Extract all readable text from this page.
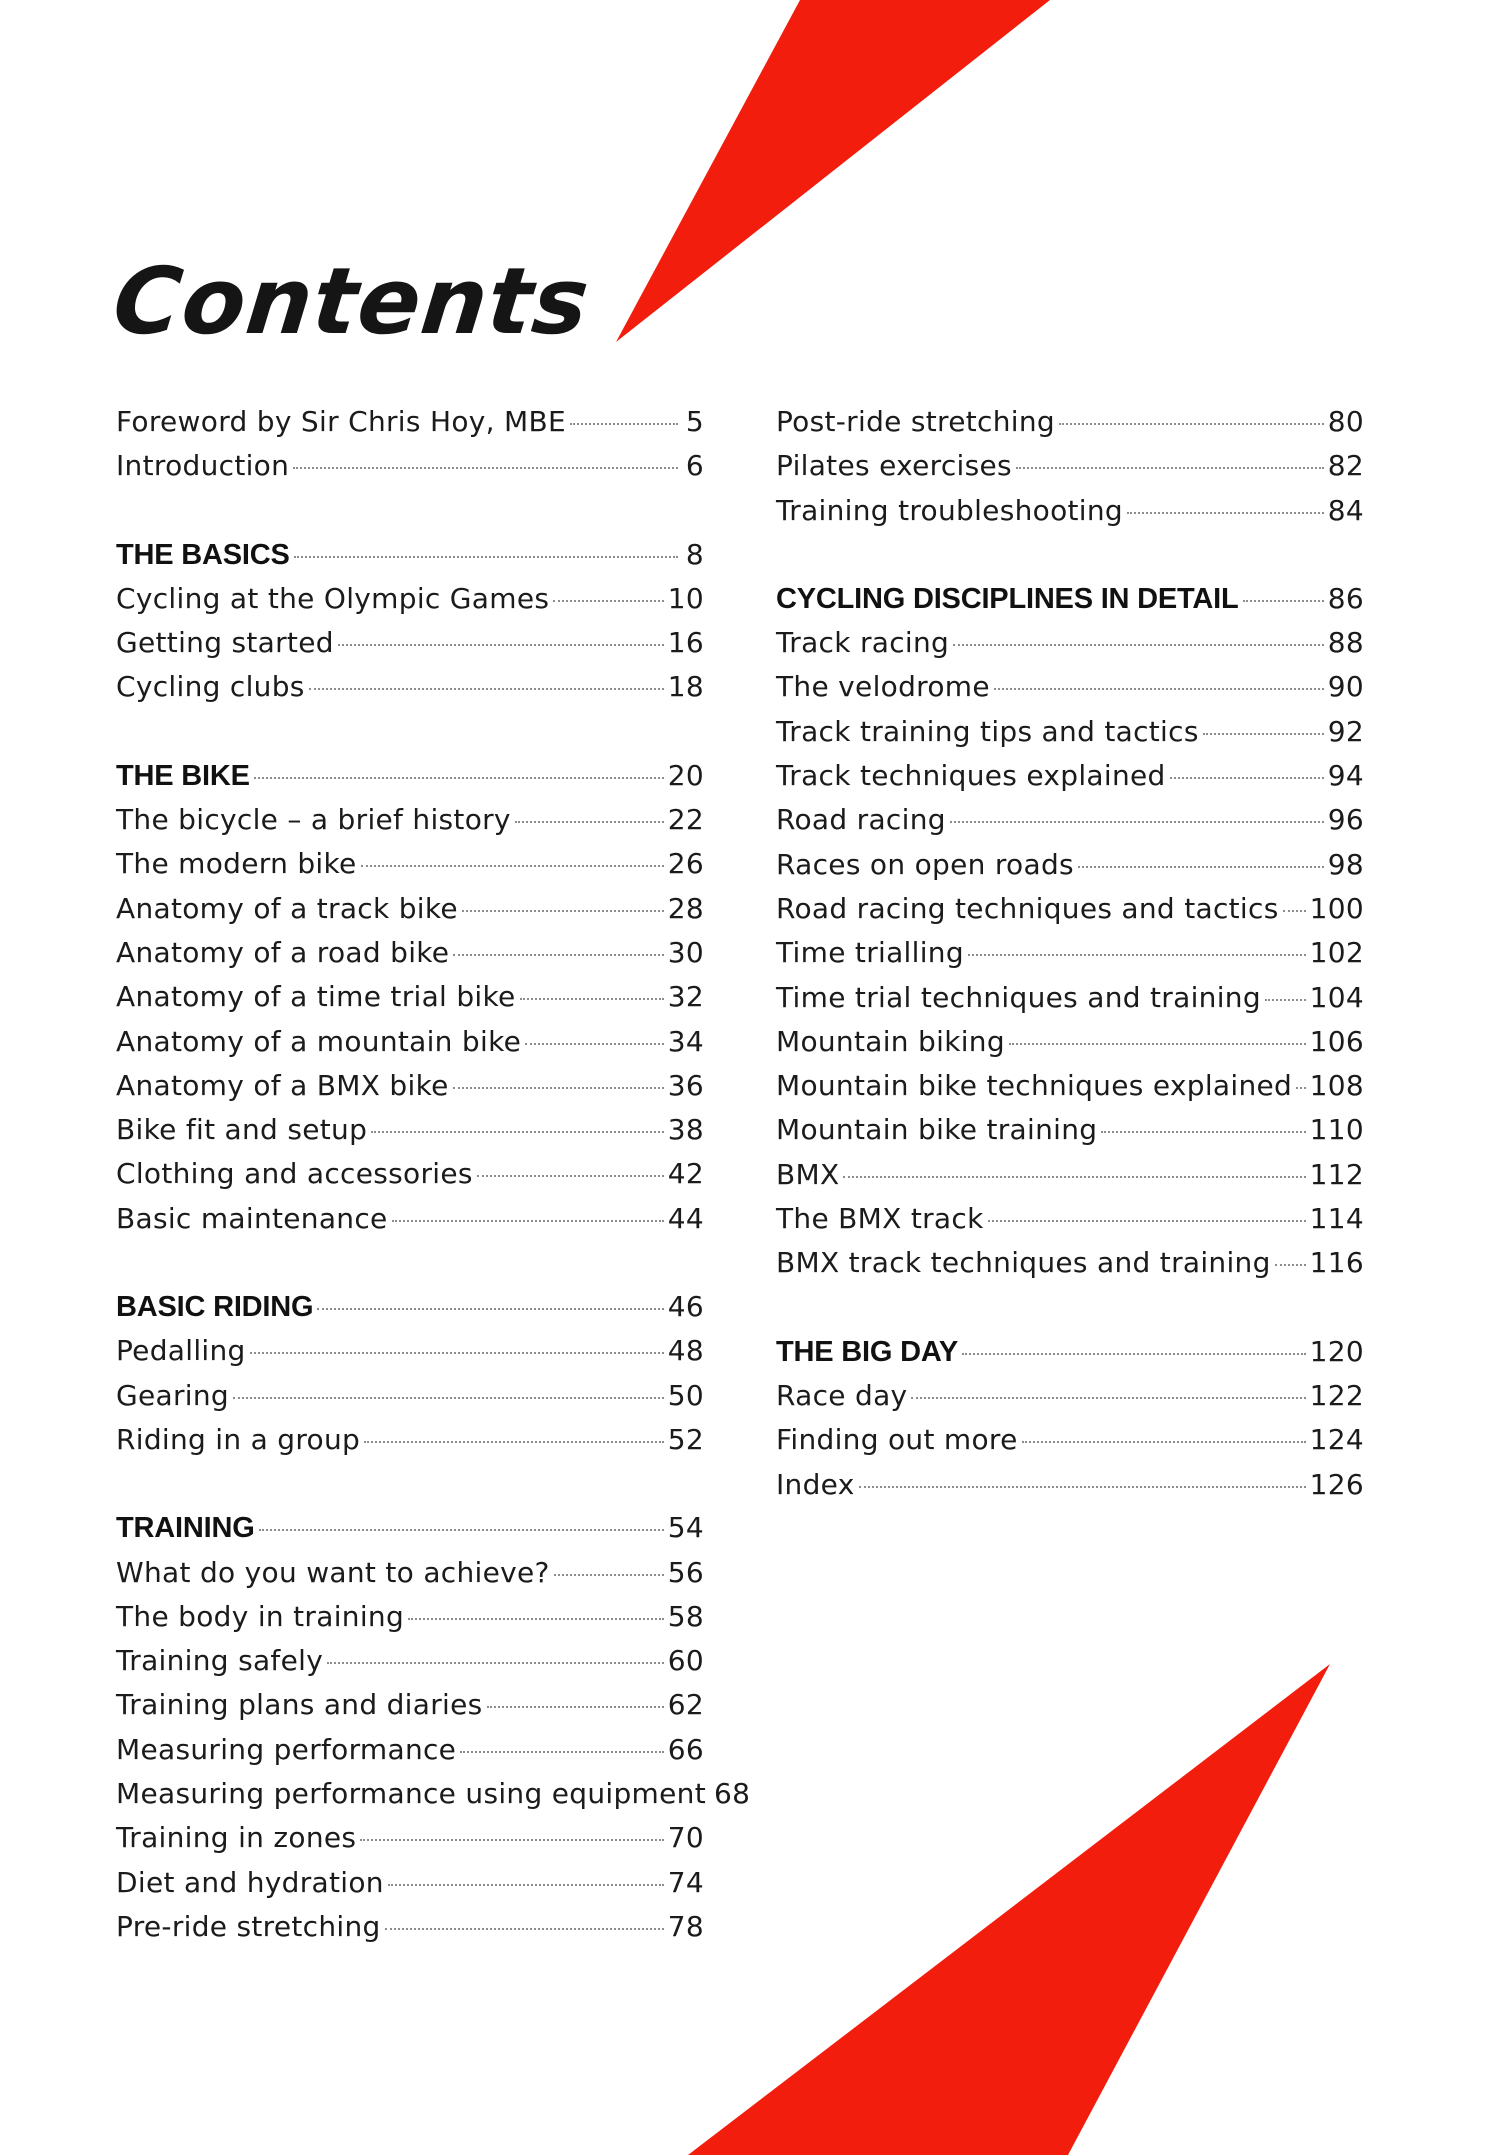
Contents
Foreword by Sir Chris Hoy, MBE	5
Introduction	6
THE BASICS	8
Cycling at the Olympic Games	10
Getting started	16
Cycling clubs	18
THE BIKE	20
The bicycle – a brief history	22
The modern bike	26
Anatomy of a track bike	28
Anatomy of a road bike	30
Anatomy of a time trial bike	32
Anatomy of a mountain bike	34
Anatomy of a BMX bike	36
Bike fit and setup	38
Clothing and accessories	42
Basic maintenance	44
BASIC RIDING	46
Pedalling	48
Gearing	50
Riding in a group	52
TRAINING	54
What do you want to achieve?	56
The body in training	58
Training safely	60
Training plans and diaries	62
Measuring performance	66
Measuring performance using equipment 68
Training in zones	70
Diet and hydration	74
Pre-ride stretching	78
Post-ride stretching	80
Pilates exercises	82
Training troubleshooting	84
CYCLING DISCIPLINES IN DETAIL	86
Track racing	88
The velodrome	90
Track training tips and tactics	92
Track techniques explained	94
Road racing	96
Races on open roads	98
Road racing techniques and tactics 100
Time trialling	102
Time trial techniques and training 104
Mountain biking	106
Mountain bike techniques explained 108
Mountain bike training	110
BMX	112
The BMX track	114
BMX track techniques and training 116
THE BIG DAY	120
Race day	122
Finding out more	124
Index	126
